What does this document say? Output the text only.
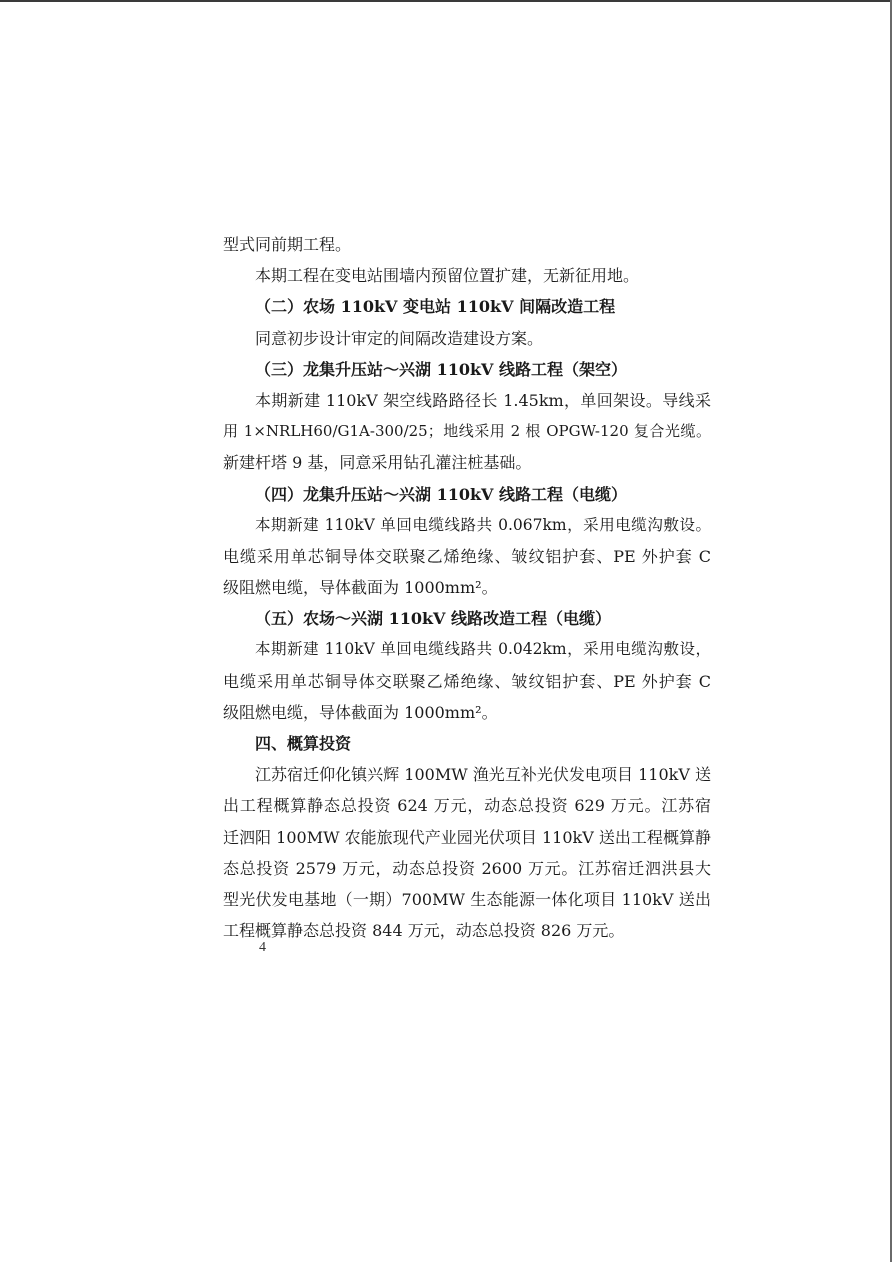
型式同前期工程。
本期工程在变电站围墙内预留位置扩建，无新征用地。
（二）农场 110kV 变电站 110kV 间隔改造工程
同意初步设计审定的间隔改造建设方案。
（三）龙集升压站～兴湖 110kV 线路工程（架空）
本期新建 110kV 架空线路路径长 1.45km，单回架设。导线采
用 1×NRLH60/G1A-300/25；地线采用 2 根 OPGW-120 复合光缆。
新建杆塔 9 基，同意采用钻孔灌注桩基础。
（四）龙集升压站～兴湖 110kV 线路工程（电缆）
本期新建 110kV 单回电缆线路共 0.067km，采用电缆沟敷设。
电缆采用单芯铜导体交联聚乙烯绝缘、皱纹铝护套、PE 外护套 C
级阻燃电缆，导体截面为 1000mm²。
（五）农场～兴湖 110kV 线路改造工程（电缆）
本期新建 110kV 单回电缆线路共 0.042km，采用电缆沟敷设，
电缆采用单芯铜导体交联聚乙烯绝缘、皱纹铝护套、PE 外护套 C
级阻燃电缆，导体截面为 1000mm²。
四、概算投资
江苏宿迁仰化镇兴辉 100MW 渔光互补光伏发电项目 110kV 送
出工程概算静态总投资 624 万元，动态总投资 629 万元。江苏宿
迁泗阳 100MW 农能旅现代产业园光伏项目 110kV 送出工程概算静
态总投资 2579 万元，动态总投资 2600 万元。江苏宿迁泗洪县大
型光伏发电基地（一期）700MW 生态能源一体化项目 110kV 送出
工程概算静态总投资 844 万元，动态总投资 826 万元。
4
